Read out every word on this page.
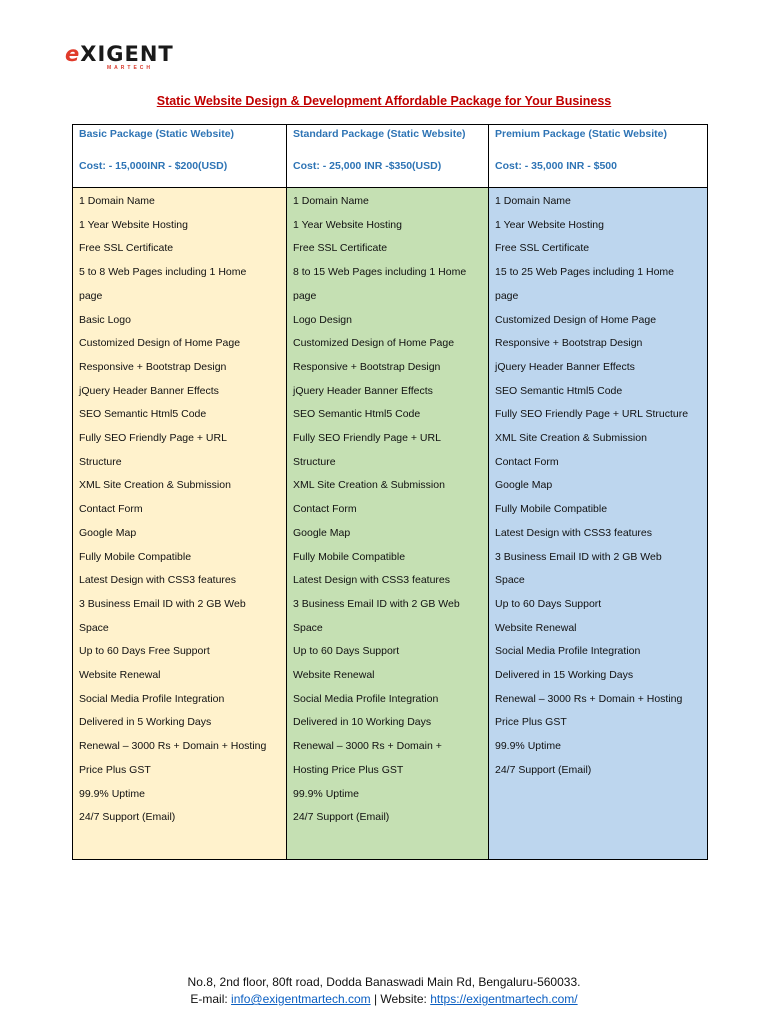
eXIGENT
MARTECH
Static Website Design & Development Affordable Package for Your Business
Basic Package (Static Website)
Cost: - 15,000INR - $200(USD)
1 Domain Name
1 Year Website Hosting
Free SSL Certificate
5 to 8 Web Pages including 1 Home
page
Basic Logo
Customized Design of Home Page
Responsive + Bootstrap Design
jQuery Header Banner Effects
SEO Semantic Html5 Code
Fully SEO Friendly Page + URL
Structure
XML Site Creation & Submission
Contact Form
Google Map
Fully Mobile Compatible
Latest Design with CSS3 features
3 Business Email ID with 2 GB Web
Space
Up to 60 Days Free Support
Website Renewal
Social Media Profile Integration
Delivered in 5 Working Days
Renewal – 3000 Rs + Domain + Hosting
Price Plus GST
99.9% Uptime
24/7 Support (Email)
Standard Package (Static Website)
Cost: - 25,000 INR -$350(USD)
1 Domain Name
1 Year Website Hosting
Free SSL Certificate
8 to 15 Web Pages including 1 Home
page
Logo Design
Customized Design of Home Page
Responsive + Bootstrap Design
jQuery Header Banner Effects
SEO Semantic Html5 Code
Fully SEO Friendly Page + URL
Structure
XML Site Creation & Submission
Contact Form
Google Map
Fully Mobile Compatible
Latest Design with CSS3 features
3 Business Email ID with 2 GB Web
Space
Up to 60 Days Support
Website Renewal
Social Media Profile Integration
Delivered in 10 Working Days
Renewal – 3000 Rs + Domain +
Hosting Price Plus GST
99.9% Uptime
24/7 Support (Email)
Premium Package (Static Website)
Cost: - 35,000 INR - $500
1 Domain Name
1 Year Website Hosting
Free SSL Certificate
15 to 25 Web Pages including 1 Home
page
Customized Design of Home Page
Responsive + Bootstrap Design
jQuery Header Banner Effects
SEO Semantic Html5 Code
Fully SEO Friendly Page + URL Structure
XML Site Creation & Submission
Contact Form
Google Map
Fully Mobile Compatible
Latest Design with CSS3 features
3 Business Email ID with 2 GB Web
Space
Up to 60 Days Support
Website Renewal
Social Media Profile Integration
Delivered in 15 Working Days
Renewal – 3000 Rs + Domain + Hosting
Price Plus GST
99.9% Uptime
24/7 Support (Email)
No.8, 2nd floor, 80ft road, Dodda Banaswadi Main Rd, Bengaluru-560033.
E-mail: info@exigentmartech.com | Website: https://exigentmartech.com/
